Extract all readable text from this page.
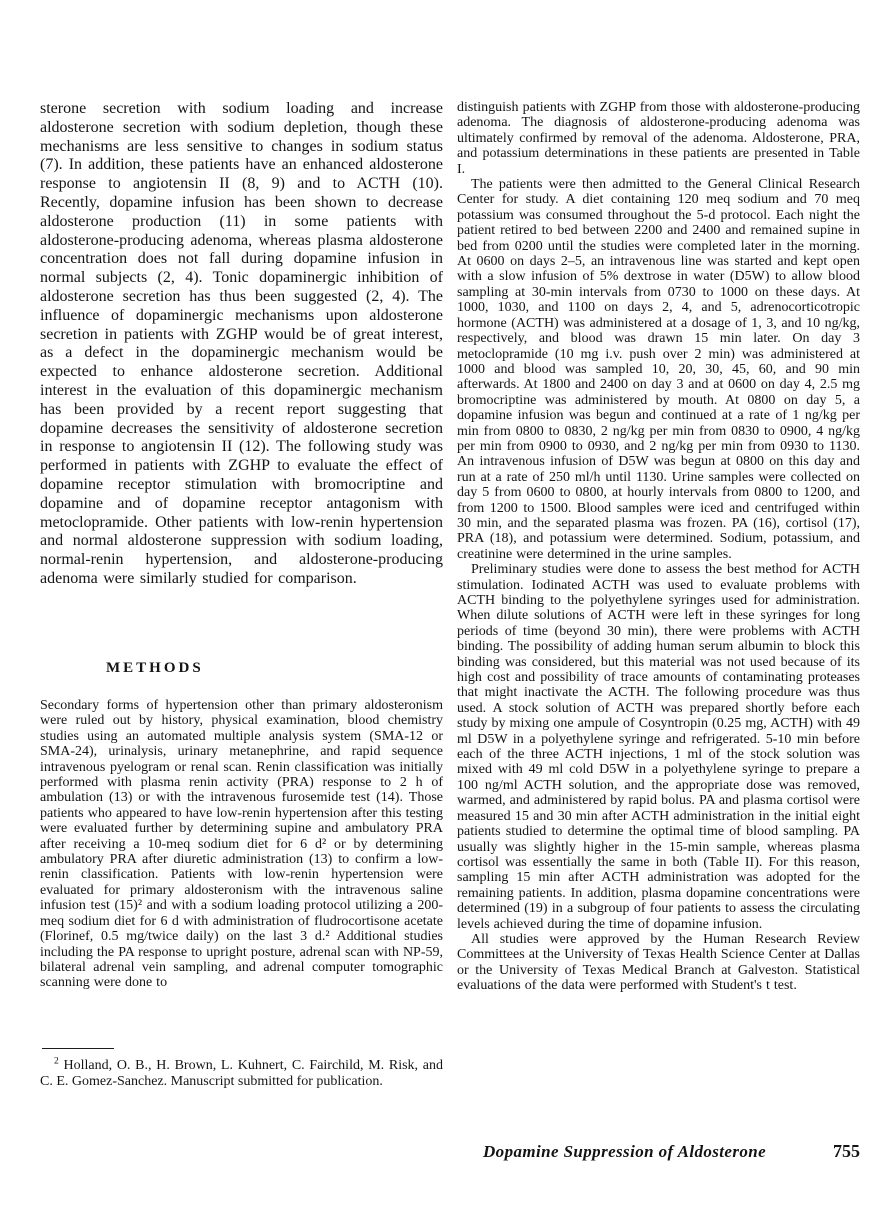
sterone secretion with sodium loading and increase aldosterone secretion with sodium depletion, though these mechanisms are less sensitive to changes in sodium status (7). In addition, these patients have an enhanced aldosterone response to angiotensin II (8, 9) and to ACTH (10). Recently, dopamine infusion has been shown to decrease aldosterone production (11) in some patients with aldosterone-producing adenoma, whereas plasma aldosterone concentration does not fall during dopamine infusion in normal subjects (2, 4). Tonic dopaminergic inhibition of aldosterone secretion has thus been suggested (2, 4). The influence of dopaminergic mechanisms upon aldosterone secretion in patients with ZGHP would be of great interest, as a defect in the dopaminergic mechanism would be expected to enhance aldosterone secretion. Additional interest in the evaluation of this dopaminergic mechanism has been provided by a recent report suggesting that dopamine decreases the sensitivity of aldosterone secretion in response to angiotensin II (12). The following study was performed in patients with ZGHP to evaluate the effect of dopamine receptor stimulation with bromocriptine and dopamine and of dopamine receptor antagonism with metoclopramide. Other patients with low-renin hypertension and normal aldosterone suppression with sodium loading, normal-renin hypertension, and aldosterone-producing adenoma were similarly studied for comparison.

METHODS

Secondary forms of hypertension other than primary aldosteronism were ruled out by history, physical examination, blood chemistry studies using an automated multiple analysis system (SMA-12 or SMA-24), urinalysis, urinary metanephrine, and rapid sequence intravenous pyelogram or renal scan. Renin classification was initially performed with plasma renin activity (PRA) response to 2 h of ambulation (13) or with the intravenous furosemide test (14). Those patients who appeared to have low-renin hypertension after this testing were evaluated further by determining supine and ambulatory PRA after receiving a 10-meq sodium diet for 6 d² or by determining ambulatory PRA after diuretic administration (13) to confirm a low-renin classification. Patients with low-renin hypertension were evaluated for primary aldosteronism with the intravenous saline infusion test (15)² and with a sodium loading protocol utilizing a 200-meq sodium diet for 6 d with administration of fludrocortisone acetate (Florinef, 0.5 mg/twice daily) on the last 3 d.² Additional studies including the PA response to upright posture, adrenal scan with NP-59, bilateral adrenal vein sampling, and adrenal computer tomographic scanning were done to

$^2$ Holland, O. B., H. Brown, L. Kuhnert, C. Fairchild, M. Risk, and C. E. Gomez-Sanchez. Manuscript submitted for publication.

distinguish patients with ZGHP from those with aldosterone-producing adenoma. The diagnosis of aldosterone-producing adenoma was ultimately confirmed by removal of the adenoma. Aldosterone, PRA, and potassium determinations in these patients are presented in Table I.

The patients were then admitted to the General Clinical Research Center for study. A diet containing 120 meq sodium and 70 meq potassium was consumed throughout the 5-d protocol. Each night the patient retired to bed between 2200 and 2400 and remained supine in bed from 0200 until the studies were completed later in the morning. At 0600 on days 2–5, an intravenous line was started and kept open with a slow infusion of 5% dextrose in water (D5W) to allow blood sampling at 30-min intervals from 0730 to 1000 on these days. At 1000, 1030, and 1100 on days 2, 4, and 5, adrenocorticotropic hormone (ACTH) was administered at a dosage of 1, 3, and 10 ng/kg, respectively, and blood was drawn 15 min later. On day 3 metoclopramide (10 mg i.v. push over 2 min) was administered at 1000 and blood was sampled 10, 20, 30, 45, 60, and 90 min afterwards. At 1800 and 2400 on day 3 and at 0600 on day 4, 2.5 mg bromocriptine was administered by mouth. At 0800 on day 5, a dopamine infusion was begun and continued at a rate of 1 ng/kg per min from 0800 to 0830, 2 ng/kg per min from 0830 to 0900, 4 ng/kg per min from 0900 to 0930, and 2 ng/kg per min from 0930 to 1130. An intravenous infusion of D5W was begun at 0800 on this day and run at a rate of 250 ml/h until 1130. Urine samples were collected on day 5 from 0600 to 0800, at hourly intervals from 0800 to 1200, and from 1200 to 1500. Blood samples were iced and centrifuged within 30 min, and the separated plasma was frozen. PA (16), cortisol (17), PRA (18), and potassium were determined. Sodium, potassium, and creatinine were determined in the urine samples.

Preliminary studies were done to assess the best method for ACTH stimulation. Iodinated ACTH was used to evaluate problems with ACTH binding to the polyethylene syringes used for administration. When dilute solutions of ACTH were left in these syringes for long periods of time (beyond 30 min), there were problems with ACTH binding. The possibility of adding human serum albumin to block this binding was considered, but this material was not used because of its high cost and possibility of trace amounts of contaminating proteases that might inactivate the ACTH. The following procedure was thus used. A stock solution of ACTH was prepared shortly before each study by mixing one ampule of Cosyntropin (0.25 mg, ACTH) with 49 ml D5W in a polyethylene syringe and refrigerated. 5-10 min before each of the three ACTH injections, 1 ml of the stock solution was mixed with 49 ml cold D5W in a polyethylene syringe to prepare a 100 ng/ml ACTH solution, and the appropriate dose was removed, warmed, and administered by rapid bolus. PA and plasma cortisol were measured 15 and 30 min after ACTH administration in the initial eight patients studied to determine the optimal time of blood sampling. PA usually was slightly higher in the 15-min sample, whereas plasma cortisol was essentially the same in both (Table II). For this reason, sampling 15 min after ACTH administration was adopted for the remaining patients. In addition, plasma dopamine concentrations were determined (19) in a subgroup of four patients to assess the circulating levels achieved during the time of dopamine infusion.

All studies were approved by the Human Research Review Committees at the University of Texas Health Science Center at Dallas or the University of Texas Medical Branch at Galveston. Statistical evaluations of the data were performed with Student's t test.

Dopamine Suppression of Aldosterone	755
